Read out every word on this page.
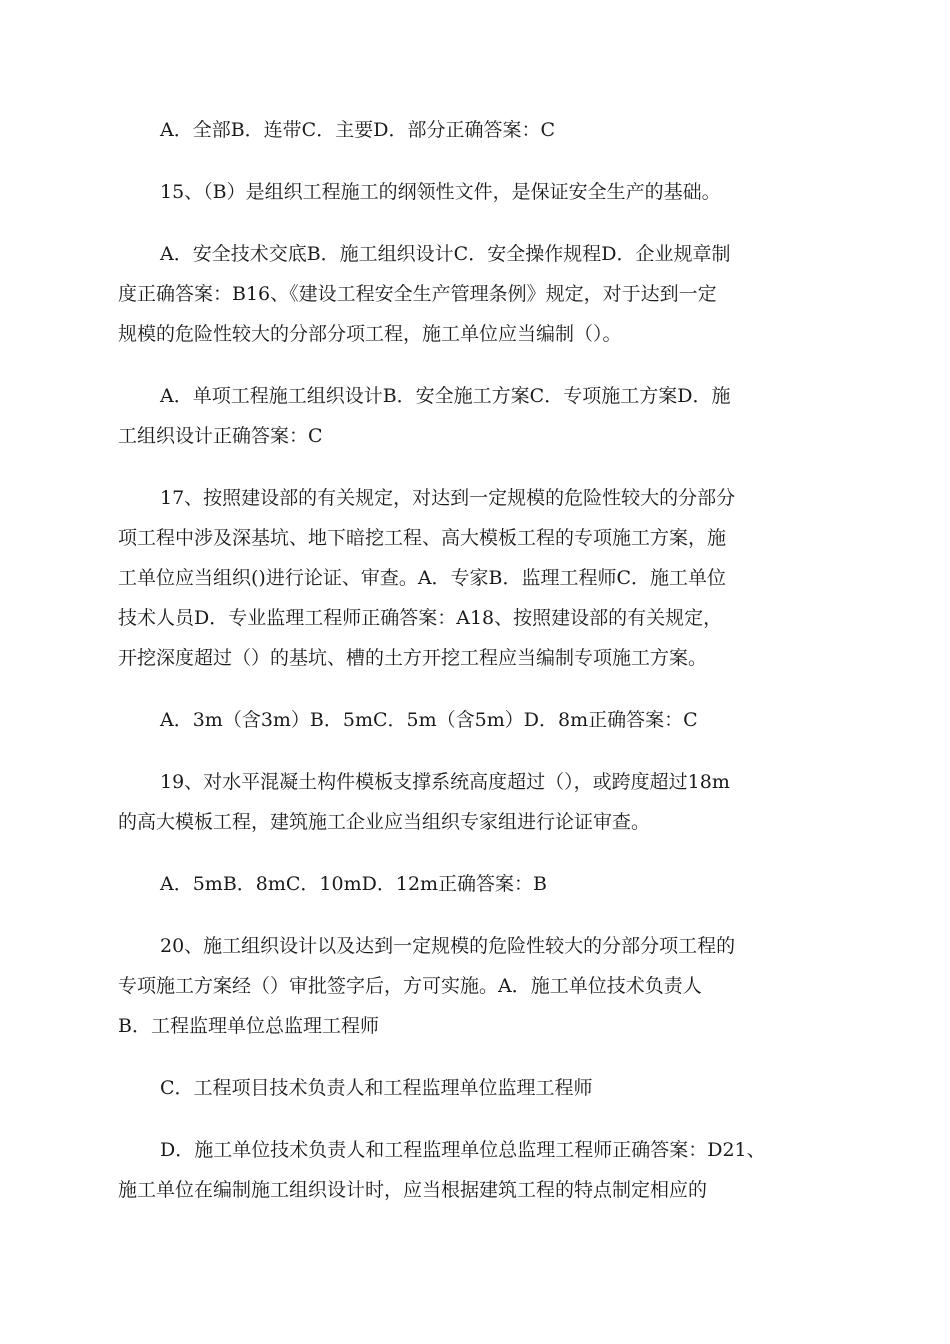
A．全部B．连带C．主要D．部分正确答案：C

15、（B）是组织工程施工的纲领性文件，是保证安全生产的基础。

A．安全技术交底B．施工组织设计C．安全操作规程D．企业规章制
度正确答案：B16、《建设工程安全生产管理条例》规定，对于达到一定
规模的危险性较大的分部分项工程，施工单位应当编制（）。

A．单项工程施工组织设计B．安全施工方案C．专项施工方案D．施
工组织设计正确答案：C

17、按照建设部的有关规定，对达到一定规模的危险性较大的分部分
项工程中涉及深基坑、地下暗挖工程、高大模板工程的专项施工方案，施
工单位应当组织()进行论证、审查。A．专家B．监理工程师C．施工单位
技术人员D．专业监理工程师正确答案：A18、按照建设部的有关规定，
开挖深度超过（）的基坑、槽的土方开挖工程应当编制专项施工方案。

A．3m（含3m）B．5mC．5m（含5m）D．8m正确答案：C

19、对水平混凝土构件模板支撑系统高度超过（），或跨度超过18m
的高大模板工程，建筑施工企业应当组织专家组进行论证审查。

A．5mB．8mC．10mD．12m正确答案：B

20、施工组织设计以及达到一定规模的危险性较大的分部分项工程的
专项施工方案经（）审批签字后，方可实施。A．施工单位技术负责人
B．工程监理单位总监理工程师

C．工程项目技术负责人和工程监理单位监理工程师

D．施工单位技术负责人和工程监理单位总监理工程师正确答案：D21、
施工单位在编制施工组织设计时，应当根据建筑工程的特点制定相应的
